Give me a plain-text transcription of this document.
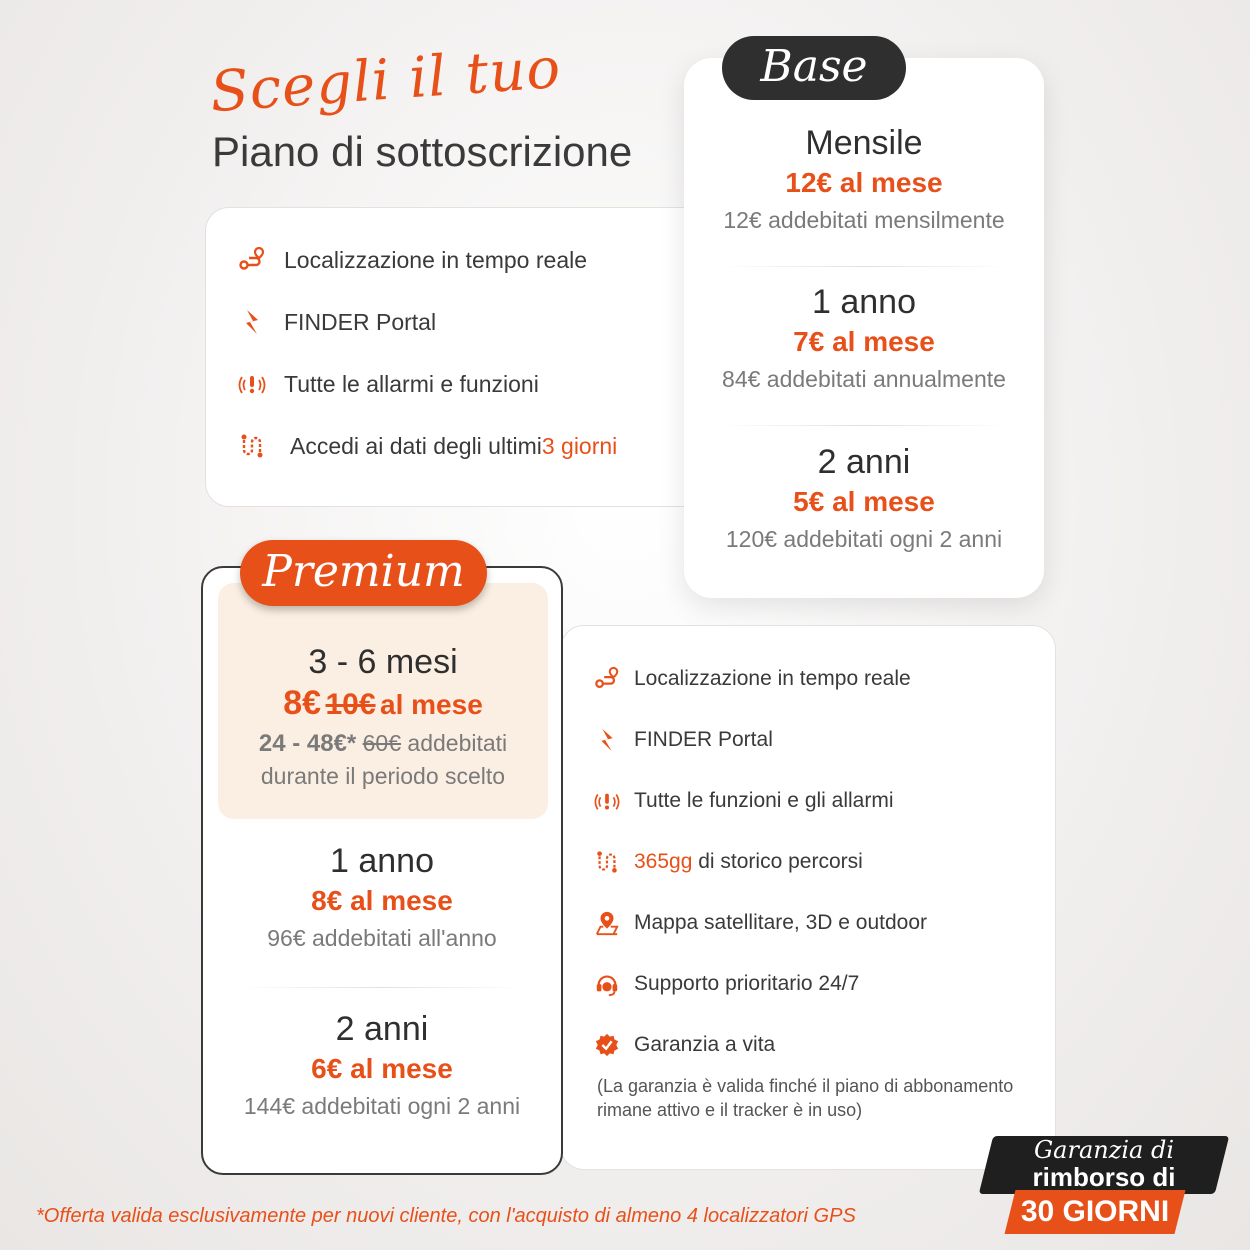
Scegli il tuo
Piano di sottoscrizione
Localizzazione in tempo reale
FINDER Portal
Tutte le allarmi e funzioni
Accedi ai dati degli ultimi 3 giorni
Base
Mensile
12€ al mese
12€ addebitati mensilmente
1 anno
7€ al mese
84€ addebitati annualmente
2 anni
5€ al mese
120€ addebitati ogni 2 anni
Localizzazione in tempo reale
FINDER Portal
Tutte le funzioni e gli allarmi
365gg di storico percorsi
Mappa satellitare, 3D e outdoor
Supporto prioritario 24/7
Garanzia a vita
(La garanzia è valida finché il piano di abbonamento rimane attivo e il tracker è in uso)
Premium
3 - 6 mesi
8€ 10€ al mese
24 - 48€* 60€ addebitati
durante il periodo scelto
1 anno
8€ al mese
96€ addebitati all'anno
2 anni
6€ al mese
144€ addebitati ogni 2 anni
*Offerta valida esclusivamente per nuovi cliente, con l'acquisto di almeno 4 localizzatori GPS
Garanzia di
rimborso di
30 GIORNI
